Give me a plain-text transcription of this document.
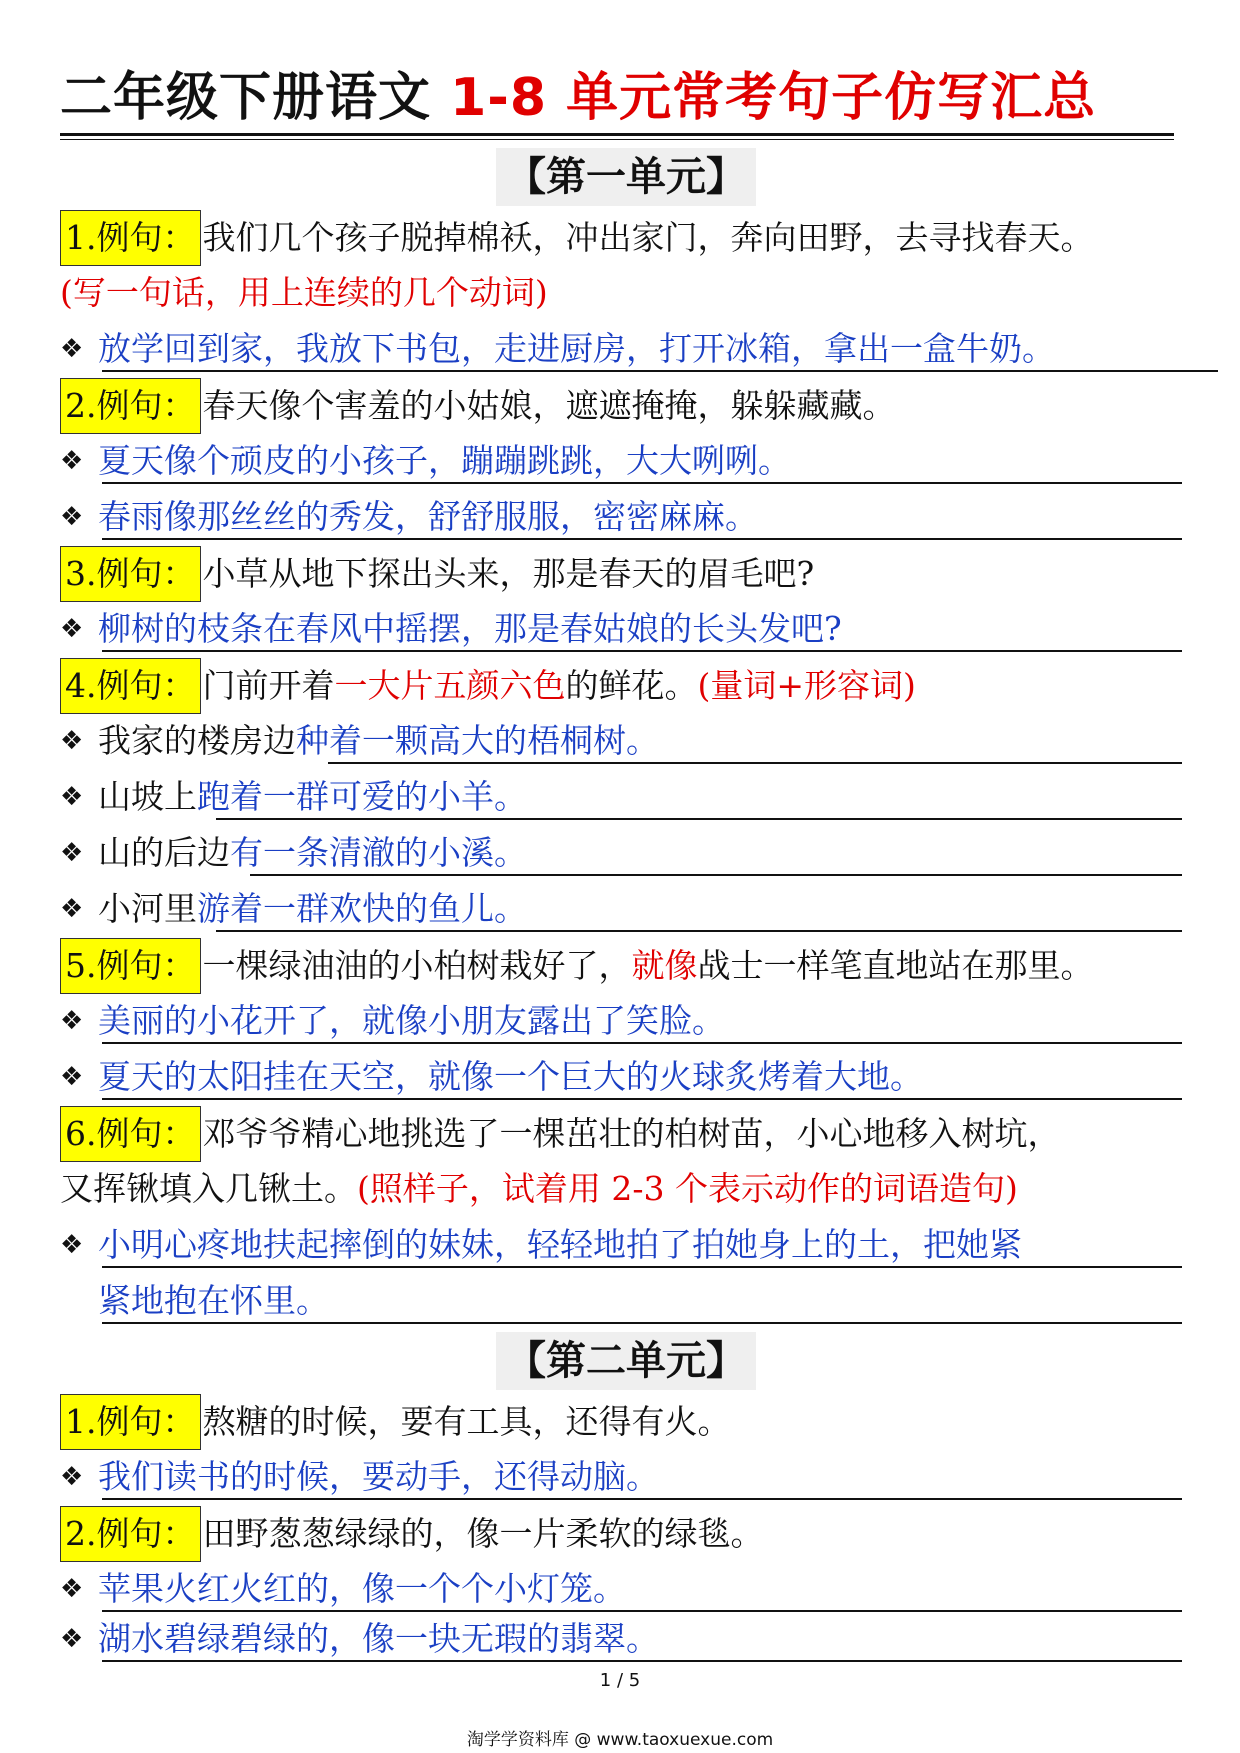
二年级下册语文 1-8 单元常考句子仿写汇总
【第一单元】
1.例句： 我们几个孩子脱掉棉袄，冲出家门，奔向田野，去寻找春天。
(写一句话，用上连续的几个动词)
❖ 放学回到家，我放下书包，走进厨房，打开冰箱，拿出一盒牛奶。
2.例句： 春天像个害羞的小姑娘，遮遮掩掩，躲躲藏藏。
❖ 夏天像个顽皮的小孩子，蹦蹦跳跳，大大咧咧。
❖ 春雨像那丝丝的秀发，舒舒服服，密密麻麻。
3.例句： 小草从地下探出头来，那是春天的眉毛吧?
❖ 柳树的枝条在春风中摇摆，那是春姑娘的长头发吧?
4.例句： 门前开着一大片五颜六色的鲜花。(量词+形容词)
❖ 我家的楼房边种着一颗高大的梧桐树。
❖ 山坡上跑着一群可爱的小羊。
❖ 山的后边有一条清澈的小溪。
❖ 小河里游着一群欢快的鱼儿。
5.例句： 一棵绿油油的小柏树栽好了，就像战士一样笔直地站在那里。
❖ 美丽的小花开了，就像小朋友露出了笑脸。
❖ 夏天的太阳挂在天空，就像一个巨大的火球炙烤着大地。
6.例句： 邓爷爷精心地挑选了一棵茁壮的柏树苗，小心地移入树坑，
又挥锹填入几锹土。(照样子，试着用 2-3 个表示动作的词语造句)
❖ 小明心疼地扶起摔倒的妹妹，轻轻地拍了拍她身上的土，把她紧
紧地抱在怀里。
【第二单元】
1.例句： 熬糖的时候，要有工具，还得有火。
❖ 我们读书的时候，要动手，还得动脑。
2.例句： 田野葱葱绿绿的，像一片柔软的绿毯。
❖ 苹果火红火红的，像一个个小灯笼。
❖ 湖水碧绿碧绿的，像一块无瑕的翡翠。
1 / 5
淘学学资料库 @ www.taoxuexue.com
